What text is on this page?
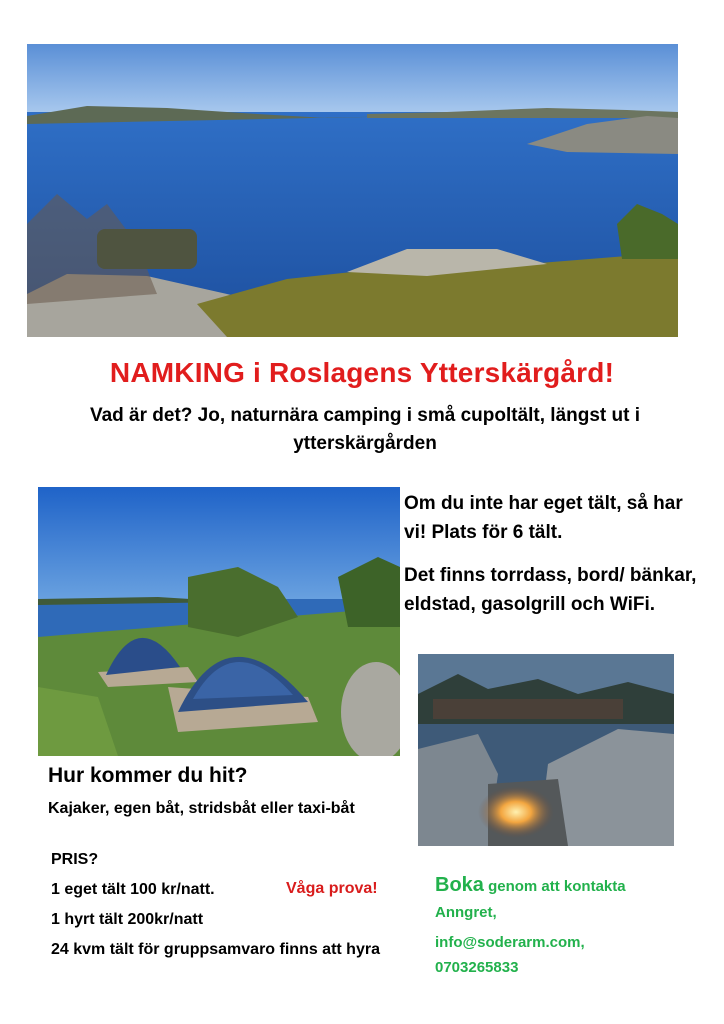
NAMKING i Roslagens Ytterskärgård!
Vad är det? Jo, naturnära camping i små cupoltält, längst ut i ytterskärgården
Om du inte har eget tält, så har vi! Plats för 6 tält.
Det finns torrdass, bord/ bänkar, eldstad, gasolgrill och WiFi.
Hur kommer du hit?
Kajaker, egen båt, stridsbåt eller taxi-båt
PRIS?
1 eget tält 100 kr/natt.
1 hyrt tält 200kr/natt
24 kvm tält för gruppsamvaro finns att hyra
Våga prova!	Boka genom att kontakta
Anngret,
info@soderarm.com,
0703265833
